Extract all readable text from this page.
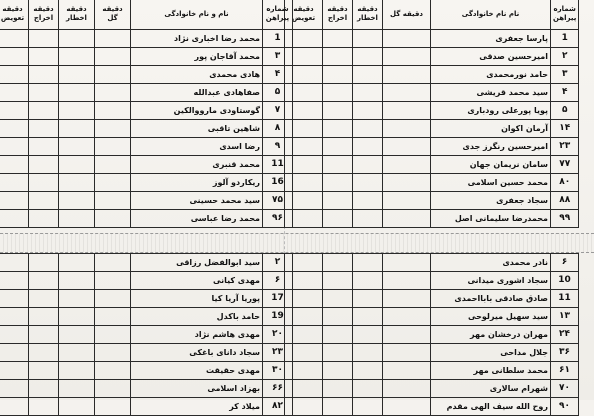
شماره پیراهن	نام نام خانوادگی	دقیقه گل	دقیقه اخطار	دقیقه اخراج	دقیقه تعویض
1	پارسا جعفری				
۲	امیرحسین صدقی				
۳	حامد نورمحمدی				
۴	سید محمد قریشی				
۵	پویا پورعلی رودباری				
۱۴	آرمان اکوان				
۲۳	امیرحسین رنگرز جدی				
۷۷	سامان نریمان جهان				
۸۰	محمد حسین اسلامی				
۸۸	سجاد جعفری				
۹۹	محمدرضا سلیمانی اصل				
شماره پیراهن	نام و نام خانوادگی	دقیقه گل	دقیقه اخطار	دقیقه اخراج	دقیقه تعویض
1	محمد رضا اخباری نژاد				
۳	محمد آقاجان پور				
۴	هادی محمدی				
۵	صفاهادی عبدالله				
۷	گوستاودی مارووالکین				
۸	شاهین تاقبی				
۹	رضا اسدی				
11	محمد قنبری				
16	ریکاردو آلوز				
۷۵	سید محمد حسینی				
۹۶	محمد رضا عباسی				
۶	نادر محمدی				
10	سجاد اشوری میدانی				
11	صادق صادقی بابااحمدی				
۱۳	سید سهیل میرلوحی				
۲۴	مهران درخشان مهر				
۳۶	جلال مداحی				
۶۱	محمد سلطانی مهر				
۷۰	شهرام سالاری				
۹۰	روح الله سیف الهی مقدم				
۲	سید ابوالفضل رزاقی				
۶	مهدی کیانی				
17	پوریا آریا کیا				
19	حامد باکدل				
۲۰	مهدی هاشم نژاد				
۲۳	سجاد دانای باغکی				
۳۰	مهدی حقیقت				
۶۶	بهزاد اسلامی				
۸۲	میلاد کر				
